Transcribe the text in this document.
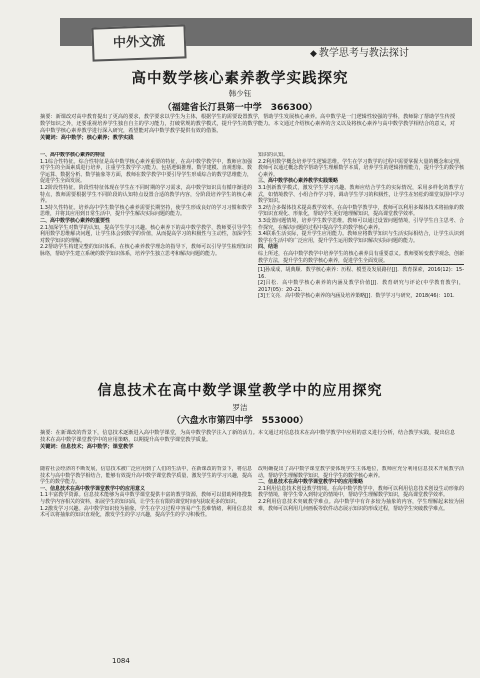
中外文流
◆ 教学思考与教法探讨
高中数学核心素养教学实践探究
韩少钰
（福建省长汀县第一中学　366300）
摘要：新课改对高中教育提出了更高的要求，教学要求以学生为主体，根据学生的需要设置教学，帮助学生发展核心素养。高中数学是一门逻辑性较强的学科，教师除了帮助学生传授数学知识之外，还要重视培养学生独自自主的学习能力，打破常规的教学模式，提升学生的数学能力。本文通过介绍核心素养的含义以及将核心素养与高中数学教学相结合的意义，对高中数学核心素养教学进行深入研究，希望能对高中数学教学提供有效的借鉴。
关键词：高中数学；核心素养；教学实践

一、高中数学核心素养的特征

1.1综合性特征。综合性特征是高中数学核心素养重要的特征，在高中数学教学中，教师应加强对学生的全面素质进行培养，注重学生数学学习能力，包括逻辑推理、数学建模、直观想象、数学运算、数据分析、数学抽象等方面，教师在数学教学中要引导学生形成综合的数学思维能力，促进学生全面发展。

1.2阶段性特征。阶段性特征体现在学生在不同时期的学习需求，高中数学知识具有循序渐进的特点，教师需要根据学生不同阶段的认知特点设置合适的教学内容，分阶段培养学生的核心素养。

1.3持久性特征。培养高中学生数学核心素养需要长期坚持，使学生形成良好的学习习惯和数学思维，并将其应用到日常生活中，提升学生解决实际问题的能力。

二、高中数学核心素养的重要性

2.1加深学生对数学的认知，提高学生学习兴趣。核心素养下的高中数学教学，教师要引导学生利用数学思维解决问题，让学生体会到数学的价值，从而提高学习的积极性与主动性，加深学生对数学知识的理解。

2.2帮助学生构建完整的知识体系。在核心素养教学理念的指导下，教师可以引导学生梳理知识脉络，帮助学生建立系统的数学知识体系，培养学生独立思考和解决问题的能力。

知识的认知。

2.2利用数学概念培养学生逻辑思维。学生在学习数学的过程中需要掌握大量的概念和定理，教师可以通过概念教学帮助学生理解数学本质，培养学生的逻辑推理能力，提升学生的数学核心素养。

三、高中数学核心素养教学实践策略

3.1创新教学模式，激发学生学习兴趣。教师应结合学生的实际情况，采用多样化的教学方式，如情境教学、小组合作学习等，调动学生学习的积极性，让学生在轻松的课堂氛围中学习数学知识。

3.2结合多媒体技术提高教学效率。在高中数学教学中，教师可以利用多媒体技术将抽象的数学知识直观化、形象化，帮助学生更好地理解知识，提高课堂教学效率。

3.3设置问题情境，培养学生数学思维。教师可以通过设置问题情境，引导学生自主思考、合作探究，在解决问题的过程中提高学生的数学核心素养。

3.4联系生活实际，提升学生应用能力。教师应将数学知识与生活实际相结合，让学生认识到数学在生活中的广泛应用，提升学生运用数学知识解决实际问题的能力。

四、结语

综上所述，在高中数学教学中培养学生的核心素养具有重要意义。教师要转变教学观念，创新教学方法，提升学生的数学核心素养，促进学生全面发展。

[1]孙成成，胡典顺．数学核心素养：历程、模型及发展路径[J]．教育探索，2016(12)：15-16.

[2]吕松．高中数学核心素养的内涵及教学价值[J]．教育研究与评论(中学教育教学)，2017(05)：20-21.

[3]王文亮．高中数学核心素养的内涵及培养策略[J]．数学学习与研究，2018(46)：101.

信息技术在高中数学课堂教学中的应用探究
罗洁
（六盘水市第四中学　553000）
摘要：在新课改的背景下，信息技术逐渐进入高中数学课堂，为高中数学教学注入了新的活力。本文通过对信息技术在高中数学教学中应用的意义进行分析，结合教学实践，提出信息技术在高中数学课堂教学中的应用策略，以期提升高中数学课堂教学质量。
关键词：信息技术；高中数学；课堂教学

随着社会经济的不断发展，信息技术被广泛应用到了人们的生活中，在新课改的背景下，将信息技术与高中数学教学相结合，能够有效提升高中数学课堂教学质量，激发学生的学习兴趣，提高学生的数学能力。

一、信息技术在高中数学课堂教学中的应用意义

1.1丰富教学资源。信息技术能够为高中数学课堂提供丰富的教学资源，教师可以借助网络搜集与教学内容相关的资料，拓展学生的知识面，让学生在有限的课堂时间内获取更多的知识。

1.2激发学习兴趣。高中数学知识较为抽象，学生在学习过程中容易产生畏难情绪，利用信息技术可以将抽象的知识直观化，激发学生的学习兴趣，提高学生的学习积极性。

改明确提出了高中数学课堂教学要体现学生主体地位，教师应充分利用信息技术开展教学活动，帮助学生理解数学知识，提升学生的数学核心素养。

二、信息技术在高中数学课堂教学中的应用策略

2.1利用信息技术创设教学情境。在高中数学教学中，教师可以利用信息技术创设生动形象的教学情境，将学生带入到特定的情境中，帮助学生理解数学知识，提高课堂教学效率。

2.2利用信息技术突破教学难点。高中数学中有许多较为抽象的内容，学生理解起来较为困难，教师可以利用几何画板等软件动态展示知识的形成过程，帮助学生突破教学难点。

1084
